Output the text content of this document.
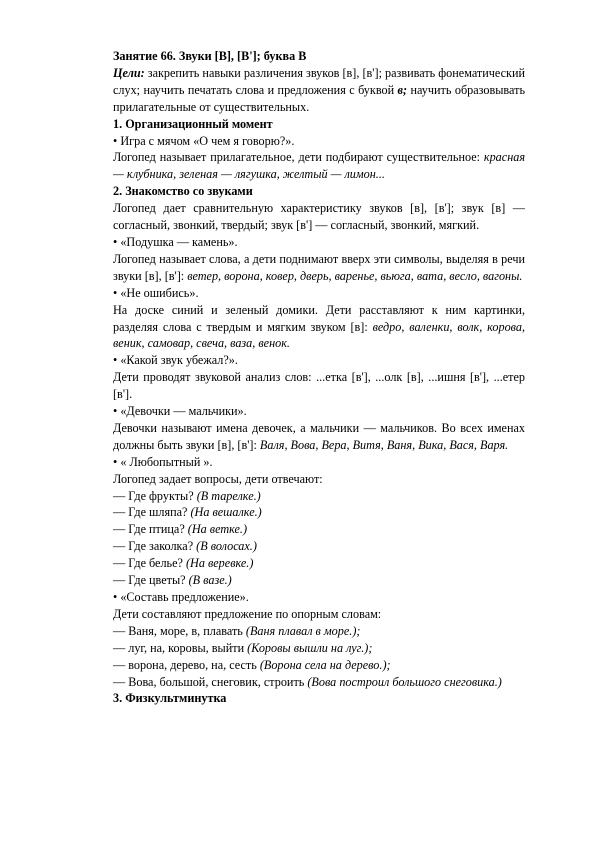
Занятие 66. Звуки [В], [В']; буква В

Цели: закрепить навыки различения звуков [в], [в']; развивать фонематический слух; научить печатать слова и предложения с буквой в; научить образовывать прилагательные от существительных.

1. Организационный момент

• Игра с мячом «О чем я говорю?».

Логопед называет прилагательное, дети подбирают существительное: красная — клубника, зеленая — лягушка, желтый — лимон...

2. Знакомство со звуками

Логопед дает сравнительную характеристику звуков [в], [в']; звук [в] — согласный, звонкий, твердый; звук [в'] — согласный, звонкий, мягкий.

• «Подушка — камень».

Логопед называет слова, а дети поднимают вверх эти символы, выделяя в речи звуки [в], [в']: ветер, ворона, ковер, дверь, варенье, вьюга, вата, весло, вагоны.

• «Не ошибись».

На доске синий и зеленый домики. Дети расставляют к ним картинки, разделяя слова с твердым и мягким звуком [в]: ведро, валенки, волк, корова, веник, самовар, свеча, ваза, венок.

• «Какой звук убежал?».

Дети проводят звуковой анализ слов: ...етка [в'], ...олк [в], ...ишня [в'], ...етер [в'].

• «Девочки — мальчики».

Девочки называют имена девочек, а мальчики — мальчиков. Во всех именах должны быть звуки [в], [в']: Валя, Вова, Вера, Витя, Ваня, Вика, Вася, Варя.

• « Любопытный ».

Логопед задает вопросы, дети отвечают:

— Где фрукты? (В тарелке.)

— Где шляпа? (На вешалке.)

— Где птица? (На ветке.)

— Где заколка? (В волосах.)

— Где белье? (На веревке.)

— Где цветы? (В вазе.)

• «Составь предложение».

Дети составляют предложение по опорным словам:

— Ваня, море, в, плавать (Ваня плавал в море.);

— луг, на, коровы, выйти (Коровы вышли на луг.);

— ворона, дерево, на, сесть (Ворона села на дерево.);

— Вова, большой, снеговик, строить (Вова построил большого снеговика.)

3. Физкультминутка
